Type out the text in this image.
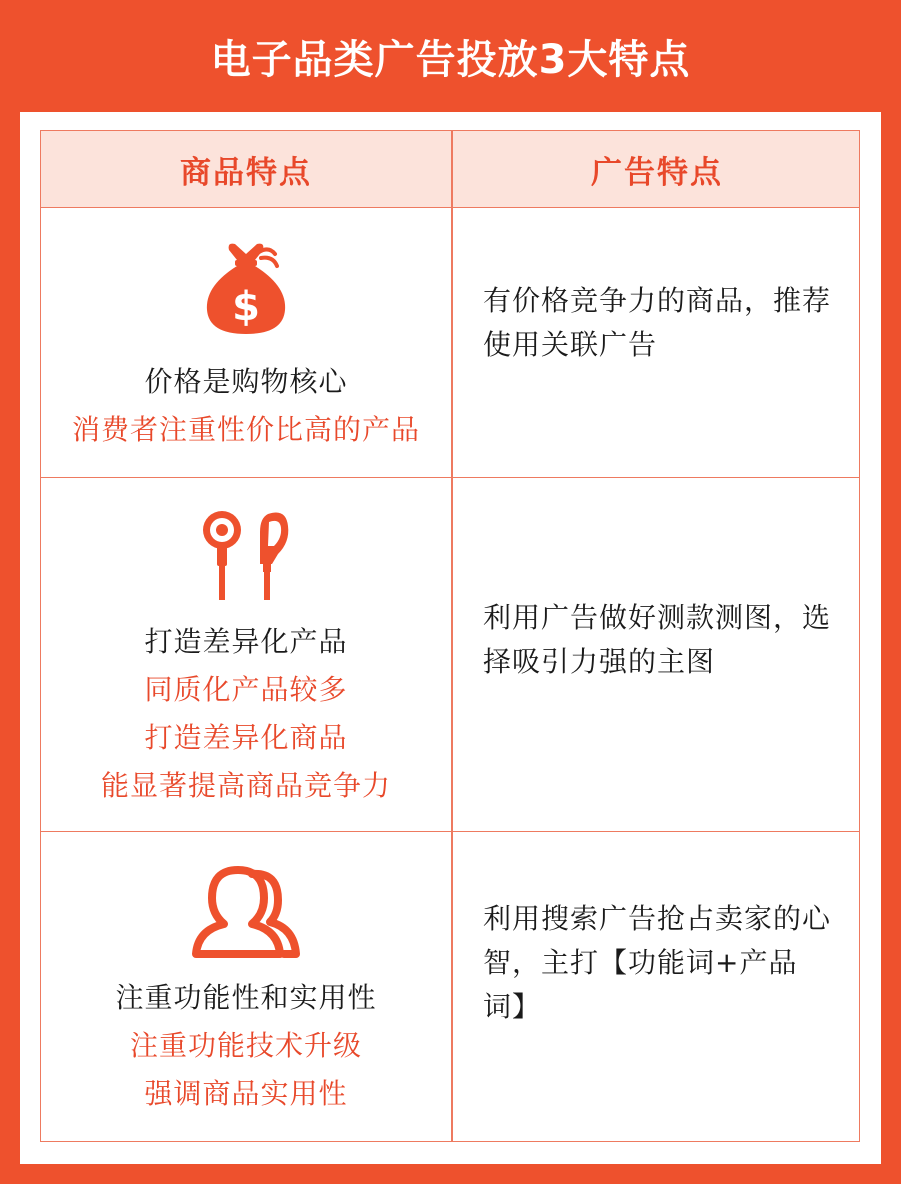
电子品类广告投放3大特点
商品特点	广告特点
$
价格是购物核心
消费者注重性价比高的产品
有价格竞争力的商品，推荐使用关联广告
打造差异化产品
同质化产品较多
打造差异化商品
能显著提高商品竞争力
利用广告做好测款测图，选择吸引力强的主图
注重功能性和实用性
注重功能技术升级
强调商品实用性
利用搜索广告抢占卖家的心智，主打【功能词+产品词】
